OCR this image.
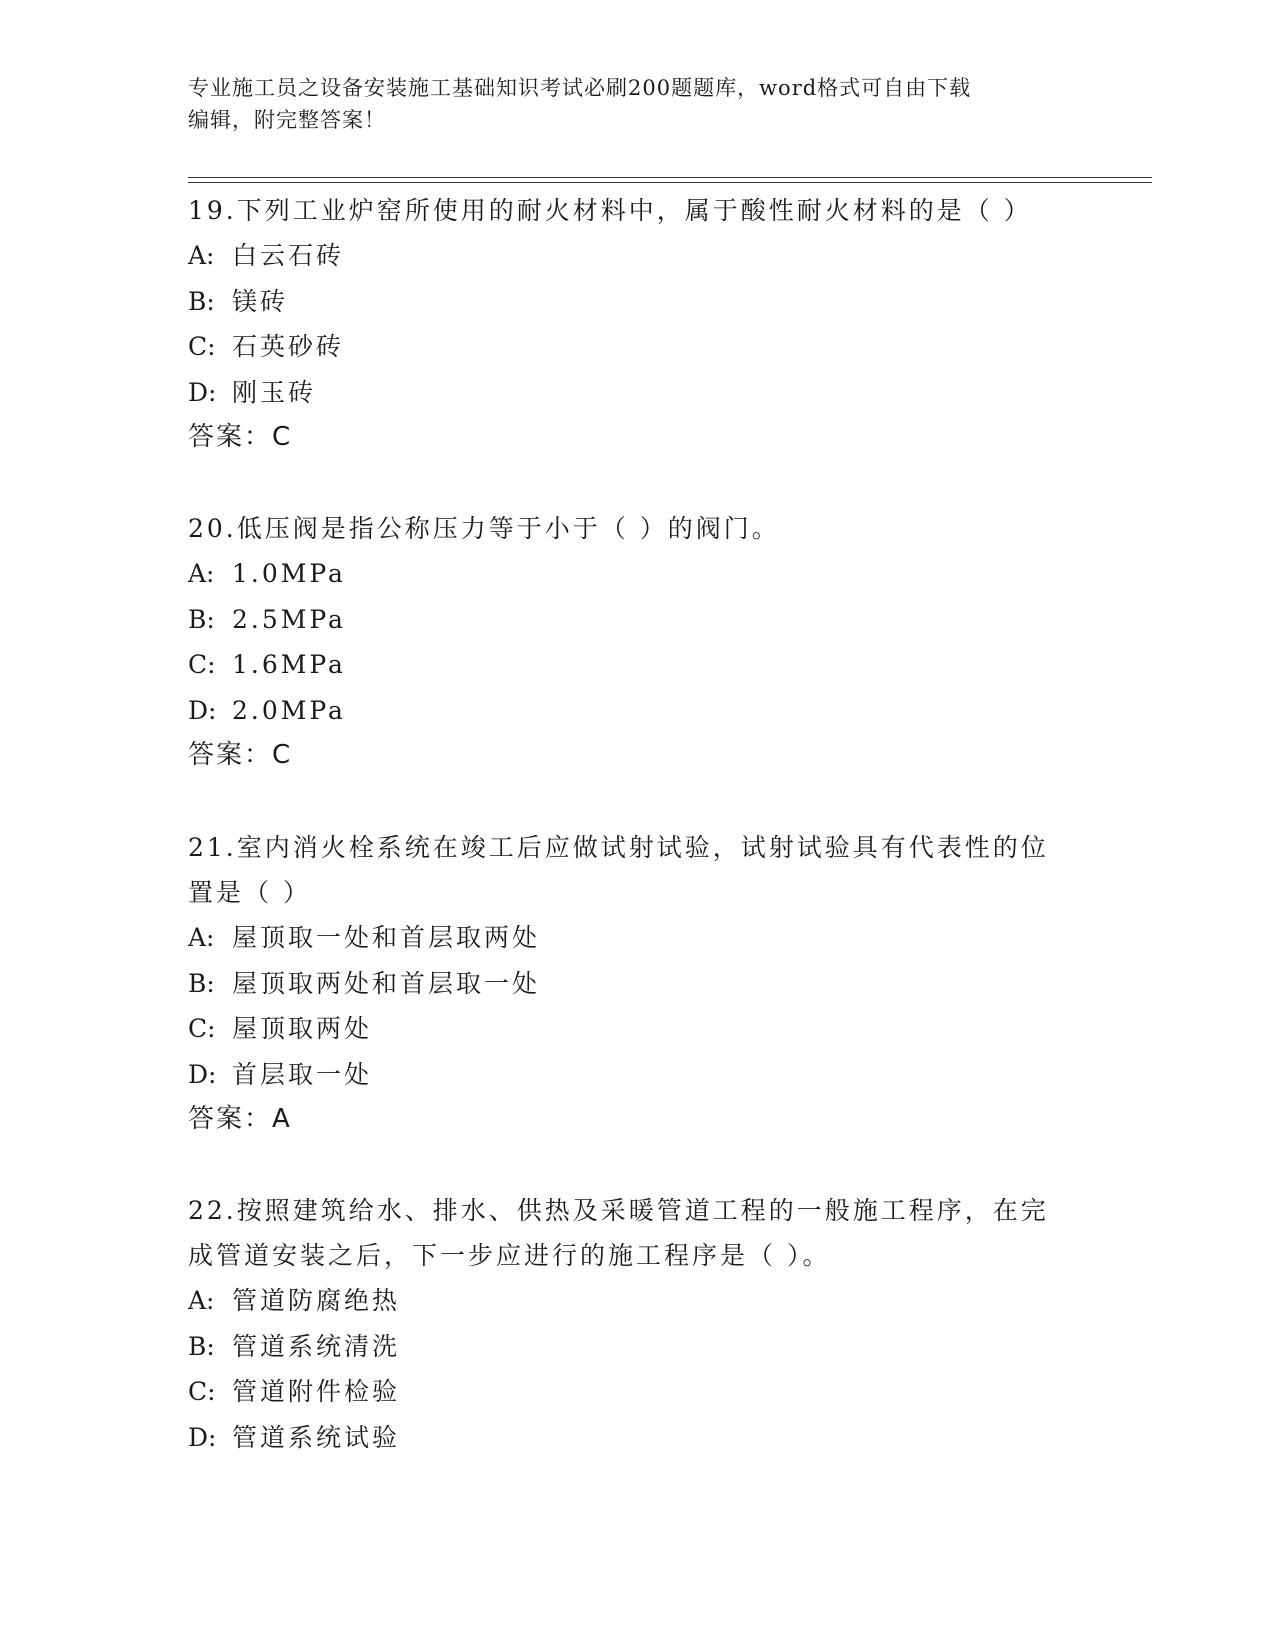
专业施工员之设备安装施工基础知识考试必刷200题题库，word格式可自由下载
编辑，附完整答案！

19.下列工业炉窑所使用的耐火材料中，属于酸性耐火材料的是（ ）

A: 白云石砖

B: 镁砖

C: 石英砂砖

D: 刚玉砖

答案：C

20.低压阀是指公称压力等于小于（ ）的阀门。

A: 1.0MPa

B: 2.5MPa

C: 1.6MPa

D: 2.0MPa

答案：C

21.室内消火栓系统在竣工后应做试射试验，试射试验具有代表性的位置是（ ）

A: 屋顶取一处和首层取两处

B: 屋顶取两处和首层取一处

C: 屋顶取两处

D: 首层取一处

答案：A

22.按照建筑给水、排水、供热及采暖管道工程的一般施工程序，在完成管道安装之后，下一步应进行的施工程序是（ ）。

A: 管道防腐绝热

B: 管道系统清洗

C: 管道附件检验

D: 管道系统试验
